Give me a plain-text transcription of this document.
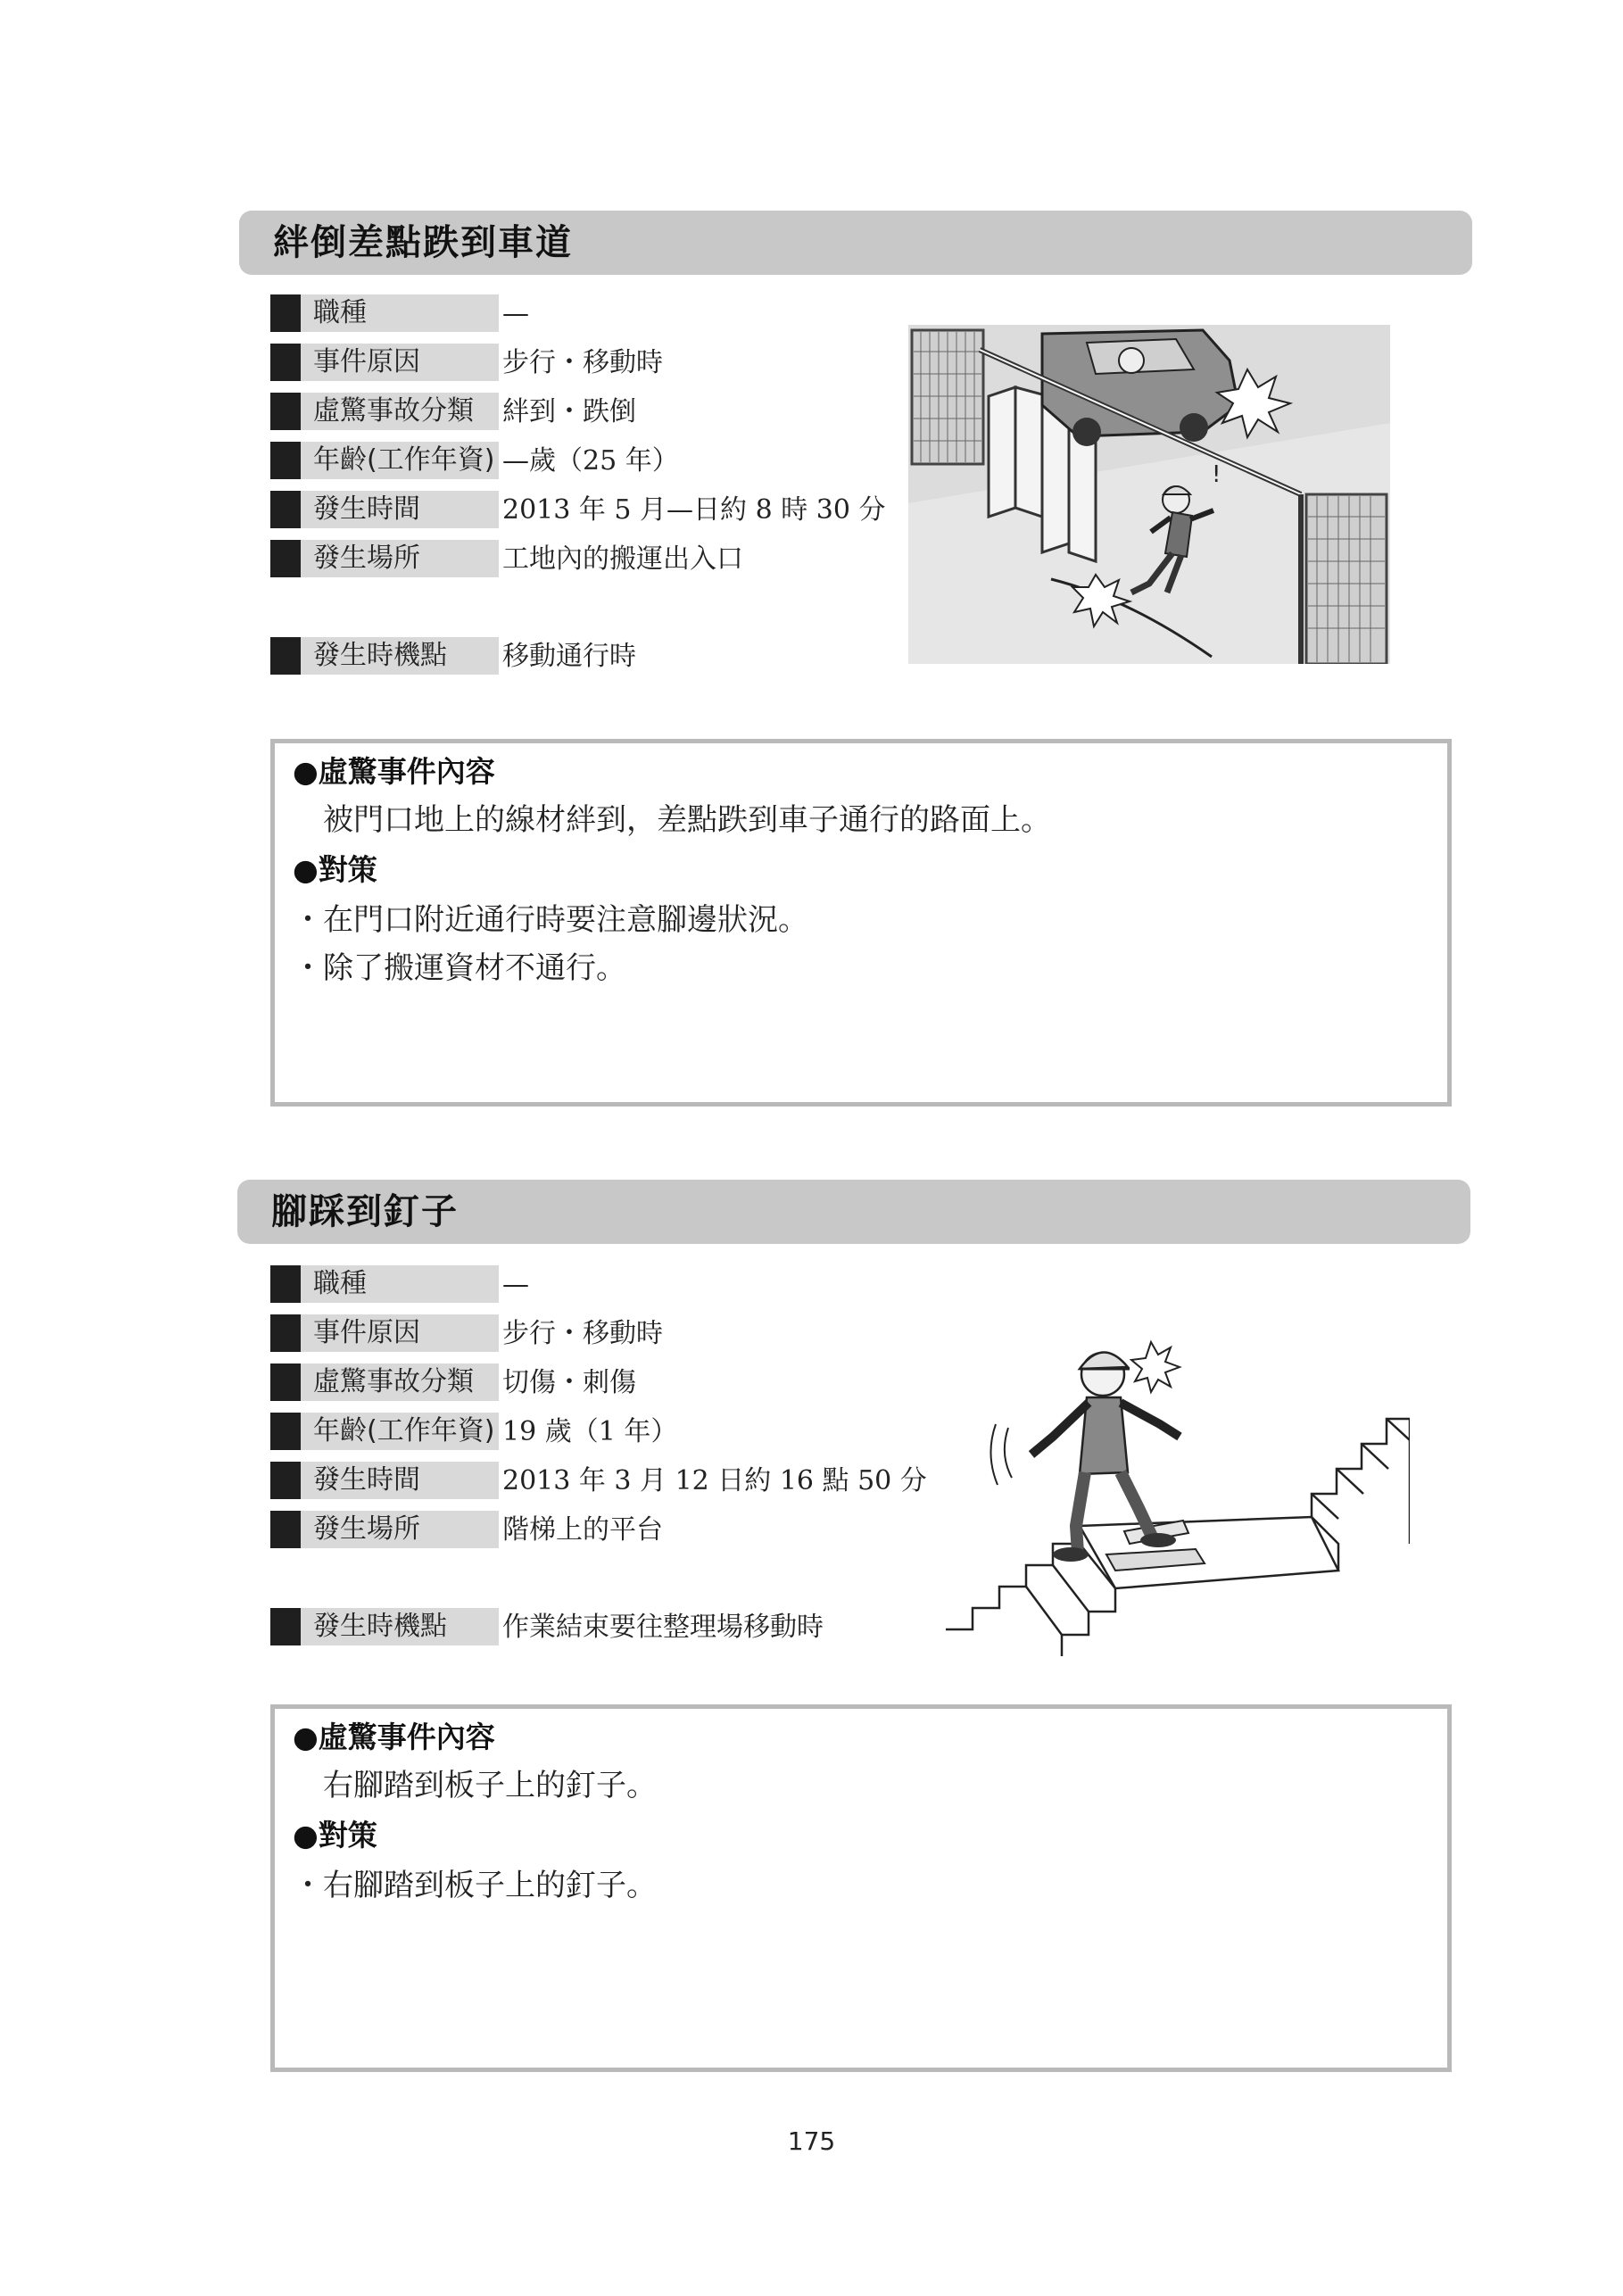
絆倒差點跌到車道
職種	—
事件原因	步行・移動時
虛驚事故分類	絆到・跌倒
年齡(工作年資) —歲（25 年）
發生時間	2013 年 5 月—日約 8 時 30 分
發生場所	工地內的搬運出入口
發生時機點	移動通行時
!
●虛驚事件內容
被門口地上的線材絆到，差點跌到車子通行的路面上。
●對策
・在門口附近通行時要注意腳邊狀況。
・除了搬運資材不通行。
腳踩到釘子
職種	—
事件原因	步行・移動時
虛驚事故分類	切傷・刺傷
年齡(工作年資) 19 歲（1 年）
發生時間	2013 年 3 月 12 日約 16 點 50 分
發生場所	階梯上的平台
發生時機點	作業結束要往整理場移動時
●虛驚事件內容
右腳踏到板子上的釘子。
●對策
・右腳踏到板子上的釘子。
175
